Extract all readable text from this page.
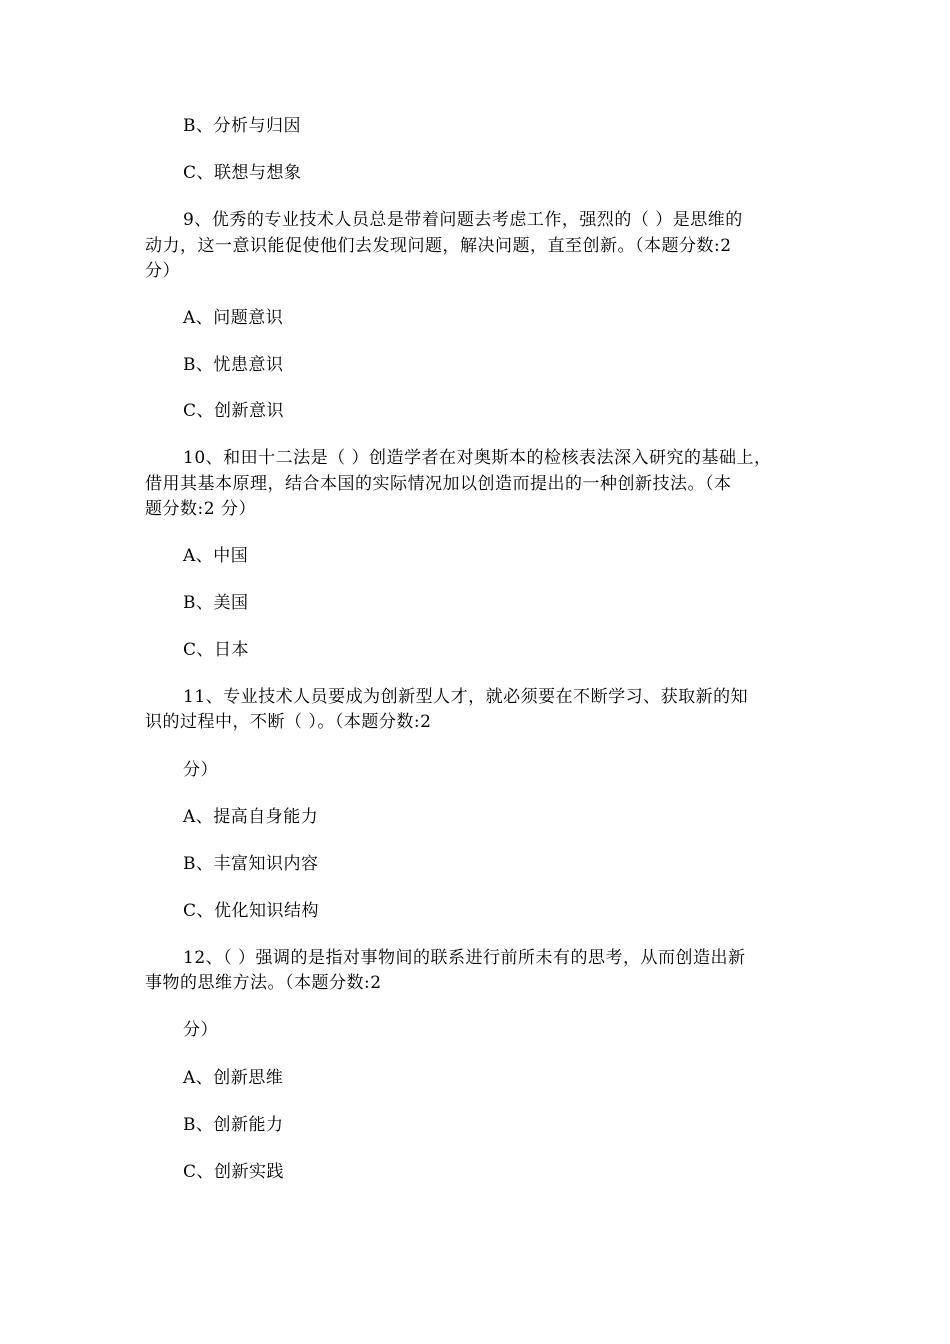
B、分析与归因
C、联想与想象
9、优秀的专业技术人员总是带着问题去考虑工作，强烈的（ ）是思维的
动力，这一意识能促使他们去发现问题，解决问题，直至创新。（本题分数:2
分）
A、问题意识
B、忧患意识
C、创新意识
10、和田十二法是（ ）创造学者在对奥斯本的检核表法深入研究的基础上，
借用其基本原理，结合本国的实际情况加以创造而提出的一种创新技法。（本
题分数:2 分）
A、中国
B、美国
C、日本
11、专业技术人员要成为创新型人才，就必须要在不断学习、获取新的知
识的过程中，不断（ ）。（本题分数:2
分）
A、提高自身能力
B、丰富知识内容
C、优化知识结构
12、（ ）强调的是指对事物间的联系进行前所未有的思考，从而创造出新
事物的思维方法。（本题分数:2
分）
A、创新思维
B、创新能力
C、创新实践
